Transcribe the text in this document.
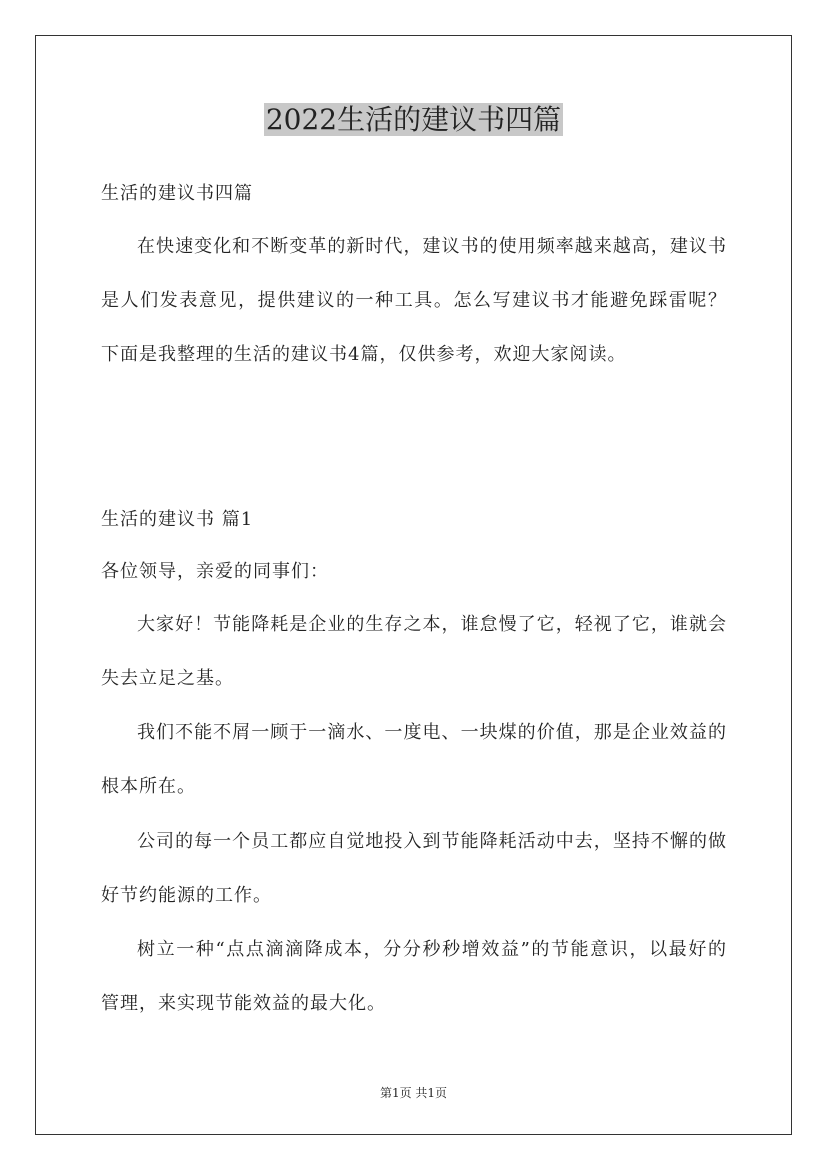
2022生活的建议书四篇
生活的建议书四篇
在快速变化和不断变革的新时代，建议书的使用频率越来越高，建议书是人们发表意见，提供建议的一种工具。怎么写建议书才能避免踩雷呢？下面是我整理的生活的建议书4篇，仅供参考，欢迎大家阅读。
生活的建议书 篇1
各位领导，亲爱的同事们：
大家好！节能降耗是企业的生存之本，谁怠慢了它，轻视了它，谁就会失去立足之基。
我们不能不屑一顾于一滴水、一度电、一块煤的价值，那是企业效益的根本所在。
公司的每一个员工都应自觉地投入到节能降耗活动中去，坚持不懈的做好节约能源的工作。
树立一种“点点滴滴降成本，分分秒秒增效益”的节能意识，以最好的管理，来实现节能效益的最大化。
第1页 共1页
